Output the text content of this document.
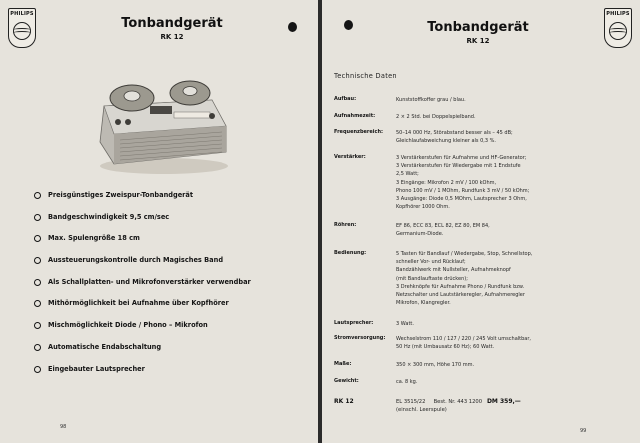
PHILIPS
Tonbandgerät
RK 12
Preisgünstiges Zweispur-Tonbandgerät
Bandgeschwindigkeit 9,5 cm/sec
Max. Spulengröße 18 cm
Aussteuerungskontrolle durch Magisches Band
Als Schallplatten- und Mikrofonverstärker verwendbar
Mithörmöglichkeit bei Aufnahme über Kopfhörer
Mischmöglichkeit Diode / Phono – Mikrofon
Automatische Endabschaltung
Eingebauter Lautsprecher
98
Tonbandgerät
RK 12
PHILIPS
Technische Daten
Aufbau:	Kunststoffkoffer grau / blau.
Aufnahmezeit:	2 × 2 Std. bei Doppelspielband.
Frequenzbereich:	50–14 000 Hz, Störabstand besser als – 45 dB;
Gleichlaufabweichung kleiner als 0,3 %.
Verstärker:	3 Verstärkerstufen für Aufnahme und HF-Generator;
3 Verstärkerstufen für Wiedergabe mit 1 Endstufe
2,5 Watt;
3 Eingänge: Mikrofon 2 mV / 100 kOhm,
Phono 100 mV / 1 MOhm, Rundfunk 3 mV / 50 kOhm;
3 Ausgänge: Diode 0,5 MOhm, Lautsprecher 3 Ohm,
Kopfhörer 1000 Ohm.
Röhren:	EF 86, ECC 83, ECL 82, EZ 80, EM 84,
Germanium-Diode.
Bedienung:	5 Tasten für Bandlauf / Wiedergabe, Stop, Schnellstop,
schneller Vor- und Rücklauf;
Bandzählwerk mit Nullsteller, Aufnahmeknopf
(mit Bandlauftaste drücken);
3 Drehknöpfe für Aufnahme Phono / Rundfunk bzw.
Netzschalter und Lautstärkeregler, Aufnahmeregler
Mikrofon, Klangregler.
Lautsprecher:	3 Watt.
Stromversorgung: Wechselstrom 110 / 127 / 220 / 245 Volt umschaltbar,
50 Hz (mit Umbausatz 60 Hz); 60 Watt.
Maße:	350 × 300 mm, Höhe 170 mm.
Gewicht:	ca. 8 kg.
RK 12	EL 3515/22 Best. Nr. 443 1200 DM 359,—
(einschl. Leerspule)
99
